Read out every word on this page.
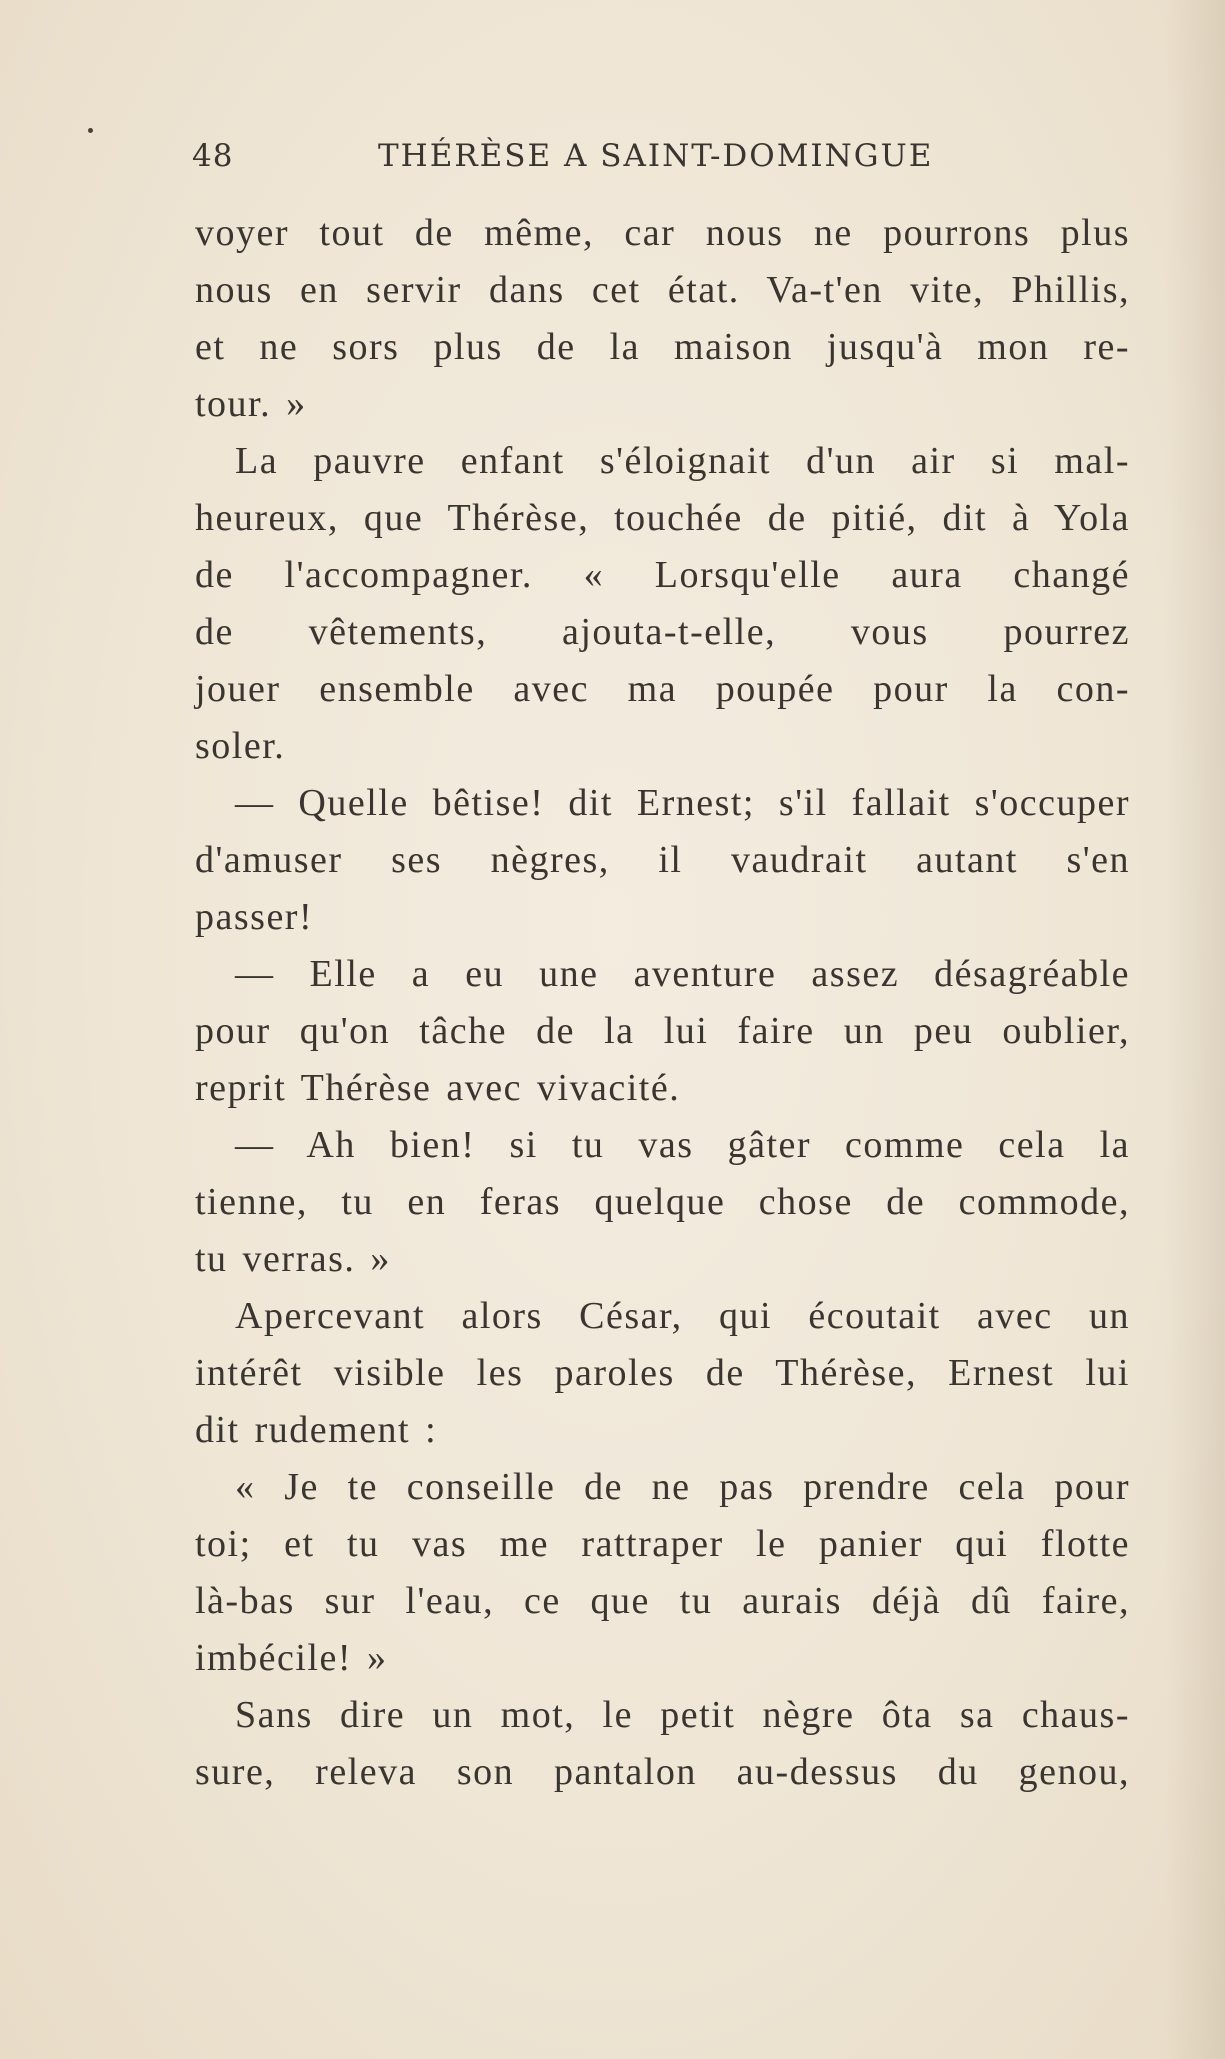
48	THÉRÈSE A SAINT-DOMINGUE
voyer tout de même, car nous ne pourrons plus
nous en servir dans cet état. Va-t'en vite, Phillis,
et ne sors plus de la maison jusqu'à mon re-
tour. »
La pauvre enfant s'éloignait d'un air si mal-
heureux, que Thérèse, touchée de pitié, dit à Yola
de l'accompagner. « Lorsqu'elle aura changé
de vêtements, ajouta-t-elle, vous pourrez
jouer ensemble avec ma poupée pour la con-
soler.
— Quelle bêtise! dit Ernest; s'il fallait s'occuper
d'amuser ses nègres, il vaudrait autant s'en
passer!
— Elle a eu une aventure assez désagréable
pour qu'on tâche de la lui faire un peu oublier,
reprit Thérèse avec vivacité.
— Ah bien! si tu vas gâter comme cela la
tienne, tu en feras quelque chose de commode,
tu verras. »
Apercevant alors César, qui écoutait avec un
intérêt visible les paroles de Thérèse, Ernest lui
dit rudement :
« Je te conseille de ne pas prendre cela pour
toi; et tu vas me rattraper le panier qui flotte
là-bas sur l'eau, ce que tu aurais déjà dû faire,
imbécile! »
Sans dire un mot, le petit nègre ôta sa chaus-
sure, releva son pantalon au-dessus du genou,
